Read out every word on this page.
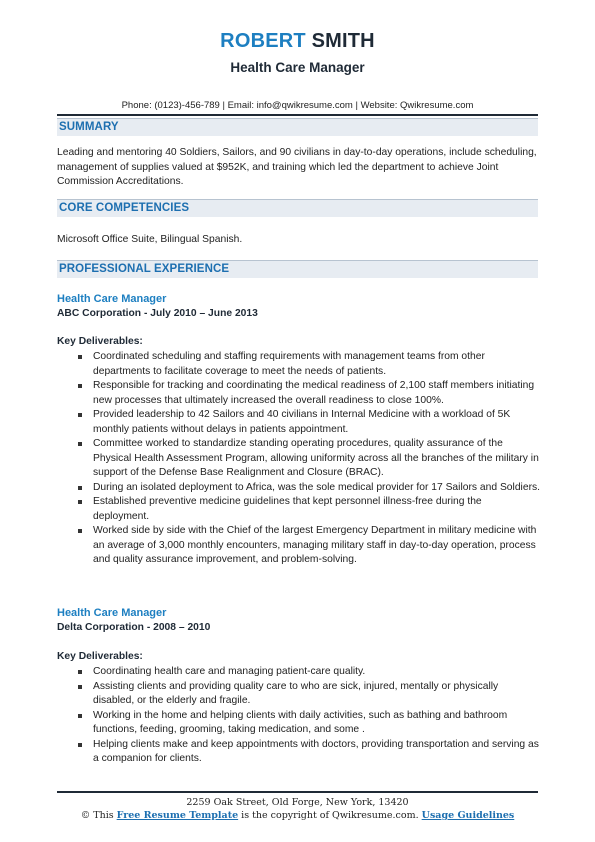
ROBERT SMITH
Health Care Manager
Phone: (0123)-456-789 | Email: info@qwikresume.com | Website: Qwikresume.com
SUMMARY
Leading and mentoring 40 Soldiers, Sailors, and 90 civilians in day-to-day operations, include scheduling, management of supplies valued at $952K, and training which led the department to achieve Joint Commission Accreditations.
CORE COMPETENCIES
Microsoft Office Suite, Bilingual Spanish.
PROFESSIONAL EXPERIENCE
Health Care Manager
ABC Corporation - July 2010 – June 2013
Key Deliverables:
Coordinated scheduling and staffing requirements with management teams from other departments to facilitate coverage to meet the needs of patients.
Responsible for tracking and coordinating the medical readiness of 2,100 staff members initiating new processes that ultimately increased the overall readiness to close 100%.
Provided leadership to 42 Sailors and 40 civilians in Internal Medicine with a workload of 5K monthly patients without delays in patients appointment.
Committee worked to standardize standing operating procedures, quality assurance of the Physical Health Assessment Program, allowing uniformity across all the branches of the military in support of the Defense Base Realignment and Closure (BRAC).
During an isolated deployment to Africa, was the sole medical provider for 17 Sailors and Soldiers.
Established preventive medicine guidelines that kept personnel illness-free during the deployment.
Worked side by side with the Chief of the largest Emergency Department in military medicine with an average of 3,000 monthly encounters, managing military staff in day-to-day operation, process and quality assurance improvement, and problem-solving.
Health Care Manager
Delta Corporation - 2008 – 2010
Key Deliverables:
Coordinating health care and managing patient-care quality.
Assisting clients and providing quality care to who are sick, injured, mentally or physically disabled, or the elderly and fragile.
Working in the home and helping clients with daily activities, such as bathing and bathroom functions, feeding, grooming, taking medication, and some .
Helping clients make and keep appointments with doctors, providing transportation and serving as a companion for clients.
2259 Oak Street, Old Forge, New York, 13420
© This Free Resume Template is the copyright of Qwikresume.com. Usage Guidelines
